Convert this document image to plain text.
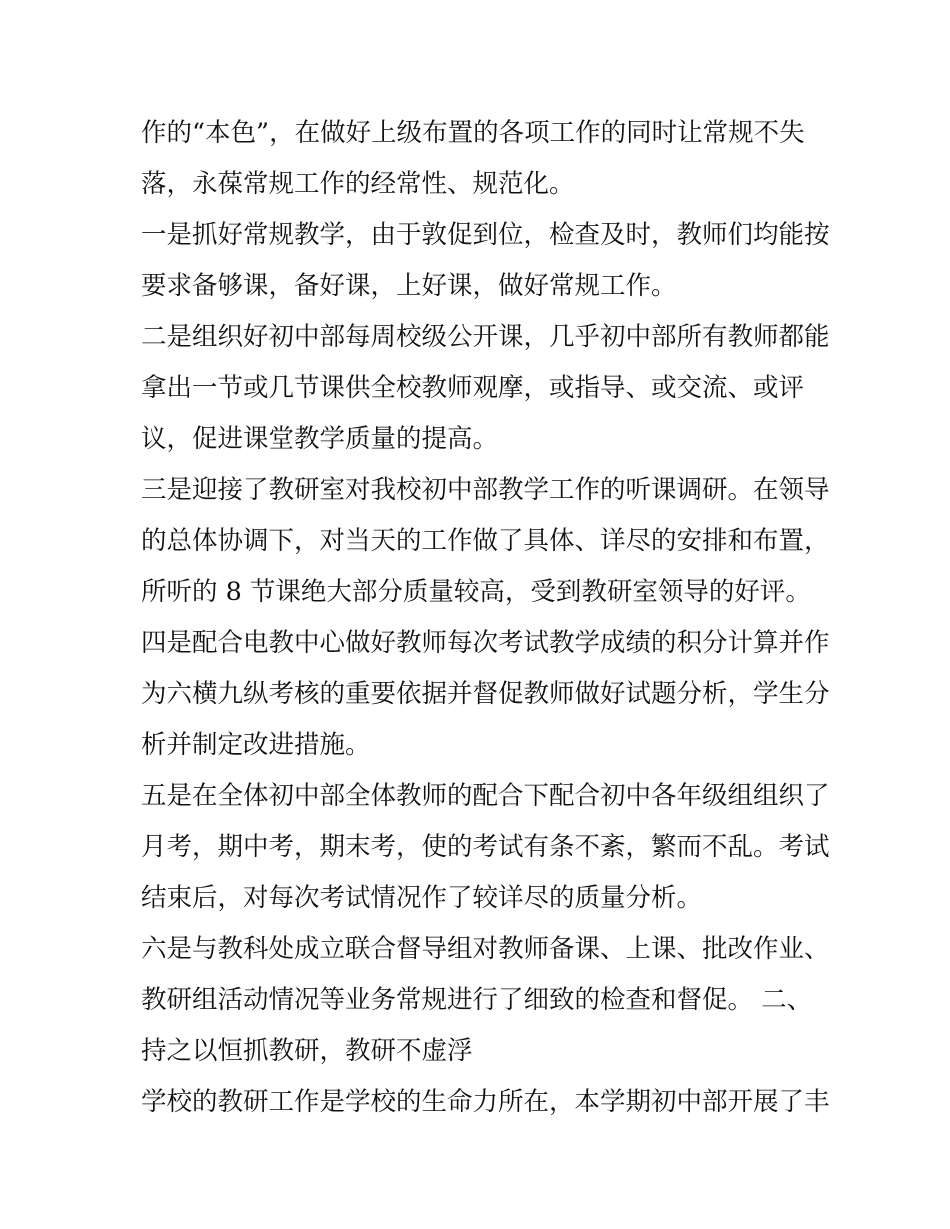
作的“本色”，在做好上级布置的各项工作的同时让常规不失
落，永葆常规工作的经常性、规范化。
一是抓好常规教学，由于敦促到位，检查及时，教师们均能按
要求备够课，备好课，上好课，做好常规工作。
二是组织好初中部每周校级公开课，几乎初中部所有教师都能
拿出一节或几节课供全校教师观摩，或指导、或交流、或评
议，促进课堂教学质量的提高。
三是迎接了教研室对我校初中部教学工作的听课调研。在领导
的总体协调下，对当天的工作做了具体、详尽的安排和布置，
所听的 8 节课绝大部分质量较高，受到教研室领导的好评。
四是配合电教中心做好教师每次考试教学成绩的积分计算并作
为六横九纵考核的重要依据并督促教师做好试题分析，学生分
析并制定改进措施。
五是在全体初中部全体教师的配合下配合初中各年级组组织了
月考，期中考，期末考，使的考试有条不紊，繁而不乱。考试
结束后，对每次考试情况作了较详尽的质量分析。
六是与教科处成立联合督导组对教师备课、上课、批改作业、
教研组活动情况等业务常规进行了细致的检查和督促。 二、
持之以恒抓教研，教研不虚浮
学校的教研工作是学校的生命力所在，本学期初中部开展了丰
